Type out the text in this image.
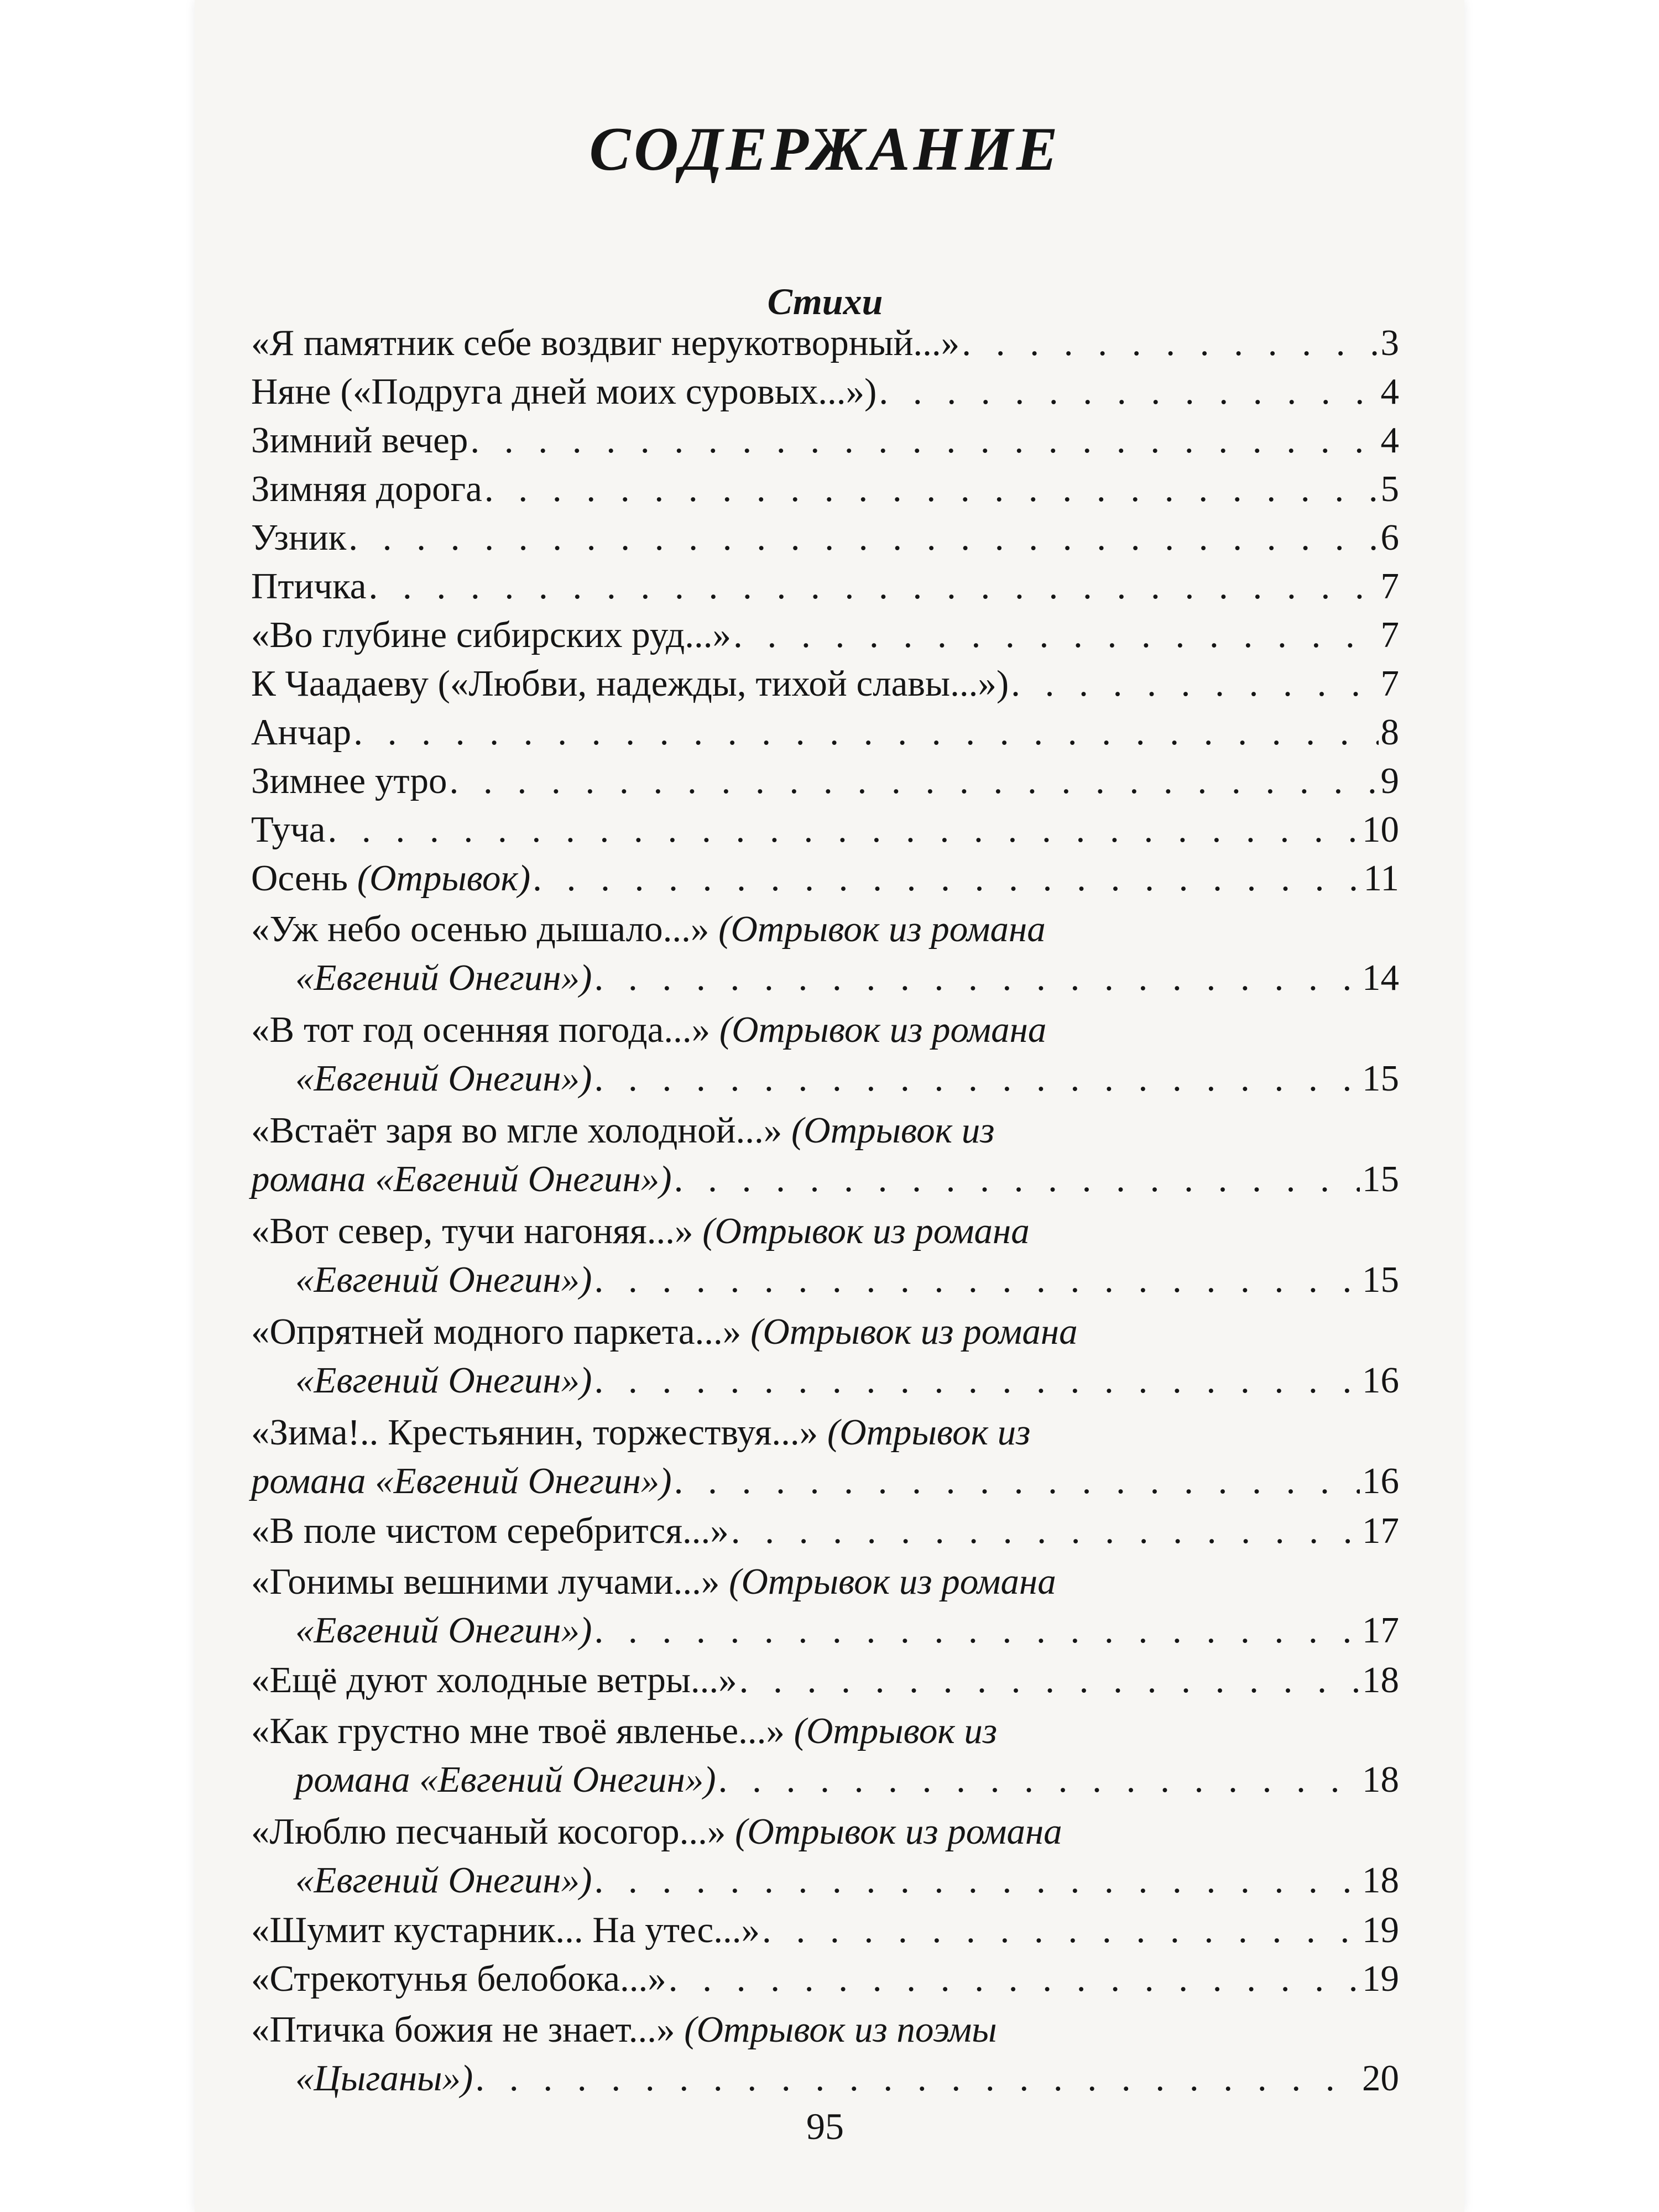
СОДЕРЖАНИЕ
Стихи
«Я памятник себе воздвиг нерукотворный...» . . .	3
Няне («Подруга дней моих суровых...») . . .	4
Зимний вечер . . .	4
Зимняя дорога . . .	5
Узник . . .	6
Птичка . . .	7
«Во глубине сибирских руд...» . . .	7
К Чаадаеву («Любви, надежды, тихой славы...») . . .	7
Анчар . . .	8
Зимнее утро . . .	9
Туча . . .	10
Осень
(Отрывок) . . .	11
«Уж небо осенью дышало...»
(Отрывок из романа
«Евгений Онегин») . . .	14
«В тот год осенняя погода...»
(Отрывок из романа
«Евгений Онегин») . . .	15
«Встаёт заря во мгле холодной...»
(Отрывок из
романа «Евгений Онегин») . . .	15
«Вот север, тучи нагоняя...»
(Отрывок из романа
«Евгений Онегин») . . .	15
«Опрятней модного паркета...»
(Отрывок из романа
«Евгений Онегин») . . .	16
«Зима!.. Крестьянин, торжествуя...»
(Отрывок из
романа «Евгений Онегин») . . .	16
«В поле чистом серебрится...» . . .	17
«Гонимы вешними лучами...»
(Отрывок из романа
«Евгений Онегин») . . .	17
«Ещё дуют холодные ветры...» . . .	18
«Как грустно мне твоё явленье...»
(Отрывок из
романа «Евгений Онегин») . . .	18
«Люблю песчаный косогор...»
(Отрывок из романа
«Евгений Онегин») . . .	18
«Шумит кустарник... На утес...» . . .	19
«Стрекотунья белобока...» . . .	19
«Птичка божия не знает...»
(Отрывок из поэмы
«Цыганы») . . .	20
95
